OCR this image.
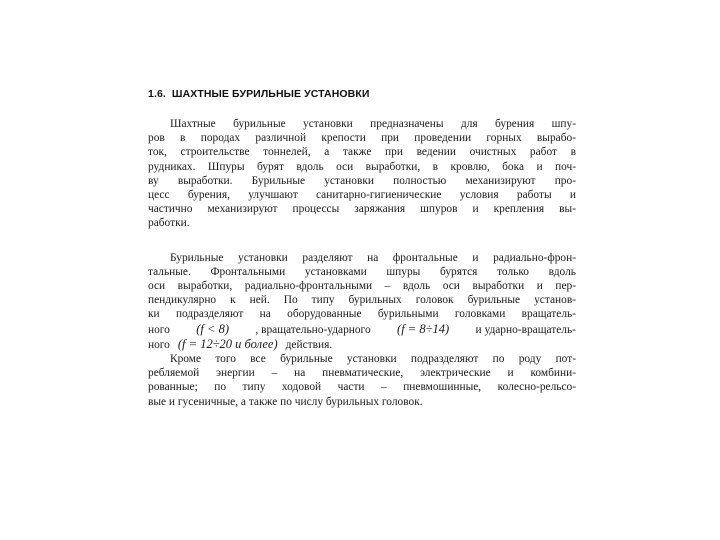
1.6. ШАХТНЫЕ БУРИЛЬНЫЕ УСТАНОВКИ

Шахтные бурильные установки предназначены для бурения шпу-
ров в породах различной крепости при проведении горных вырабо-
ток, строительстве тоннелей, а также при ведении очистных работ в
рудниках. Шпуры бурят вдоль оси выработки, в кровлю, бока и поч-
ву выработки. Бурильные установки полностью механизируют про-
цесс бурения, улучшают санитарно-гигиенические условия работы и
частично механизируют процессы заряжания шпуров и крепления вы-
работки.

Бурильные установки разделяют на фронтальные и радиально-фрон-
тальные. Фронтальными установками шпуры бурятся только вдоль
оси выработки, радиально-фронтальными – вдоль оси выработки и пер-
пендикулярно к ней. По типу бурильных головок бурильные установ-
ки подразделяют на оборудованные бурильными головками вращатель-
ного (f < 8) , вращательно-ударного (f = 8÷14) и ударно-вращатель-
ного (f = 12÷20 и более) действия.

Кроме того все бурильные установки подразделяют по роду пот-
ребляемой энергии – на пневматические, электрические и комбини-
рованные; по типу ходовой части – пневмошинные, колесно-рельсо-
вые и гусеничные, а также по числу бурильных головок.
